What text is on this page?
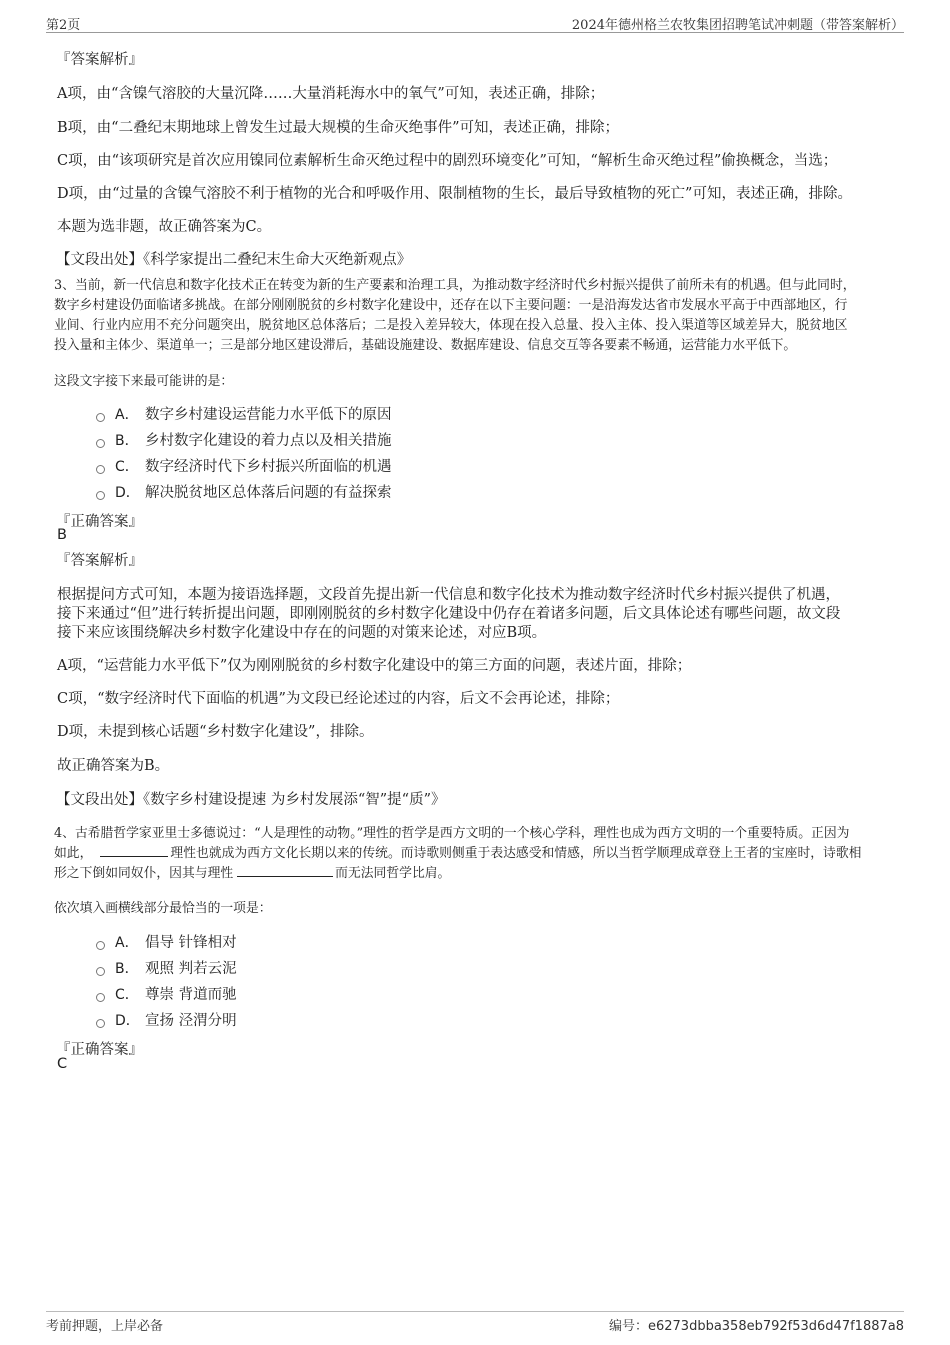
第2页	2024年德州格兰农牧集团招聘笔试冲刺题（带答案解析）
『答案解析』
A项，由“含镍气溶胶的大量沉降……大量消耗海水中的氧气”可知，表述正确，排除；
B项，由“二叠纪末期地球上曾发生过最大规模的生命灭绝事件”可知，表述正确，排除；
C项，由“该项研究是首次应用镍同位素解析生命灭绝过程中的剧烈环境变化”可知，“解析生命灭绝过程”偷换概念，当选；
D项，由“过量的含镍气溶胶不利于植物的光合和呼吸作用、限制植物的生长，最后导致植物的死亡”可知，表述正确，排除。
本题为选非题，故正确答案为C。
【文段出处】《科学家提出二叠纪末生命大灭绝新观点》
3、当前，新一代信息和数字化技术正在转变为新的生产要素和治理工具，为推动数字经济时代乡村振兴提供了前所未有的机遇。但与此同时，
数字乡村建设仍面临诸多挑战。在部分刚刚脱贫的乡村数字化建设中，还存在以下主要问题：一是沿海发达省市发展水平高于中西部地区，行
业间、行业内应用不充分问题突出，脱贫地区总体落后；二是投入差异较大，体现在投入总量、投入主体、投入渠道等区域差异大，脱贫地区
投入量和主体少、渠道单一；三是部分地区建设滞后，基础设施建设、数据库建设、信息交互等各要素不畅通，运营能力水平低下。
这段文字接下来最可能讲的是：
A． 数字乡村建设运营能力水平低下的原因
B． 乡村数字化建设的着力点以及相关措施
C． 数字经济时代下乡村振兴所面临的机遇
D． 解决脱贫地区总体落后问题的有益探索
『正确答案』
B
『答案解析』
根据提问方式可知，本题为接语选择题，文段首先提出新一代信息和数字化技术为推动数字经济时代乡村振兴提供了机遇，
接下来通过“但”进行转折提出问题，即刚刚脱贫的乡村数字化建设中仍存在着诸多问题，后文具体论述有哪些问题，故文段
接下来应该围绕解决乡村数字化建设中存在的问题的对策来论述，对应B项。
A项，“运营能力水平低下”仅为刚刚脱贫的乡村数字化建设中的第三方面的问题，表述片面，排除；
C项，“数字经济时代下面临的机遇”为文段已经论述过的内容，后文不会再论述，排除；
D项，未提到核心话题“乡村数字化建设”，排除。
故正确答案为B。
【文段出处】《数字乡村建设提速 为乡村发展添“智”提“质”》
4、古希腊哲学家亚里士多德说过：“人是理性的动物。”理性的哲学是西方文明的一个核心学科，理性也成为西方文明的一个重要特质。正因为
如此，	理性也就成为西方文化长期以来的传统。而诗歌则侧重于表达感受和情感，所以当哲学顺理成章登上王者的宝座时，诗歌相
形之下倒如同奴仆，因其与理性	而无法同哲学比肩。
依次填入画横线部分最恰当的一项是：
A． 倡导 针锋相对
B． 观照 判若云泥
C． 尊崇 背道而驰
D． 宣扬 泾渭分明
『正确答案』
C
考前押题，上岸必备	编号：e6273dbba358eb792f53d6d47f1887a8
